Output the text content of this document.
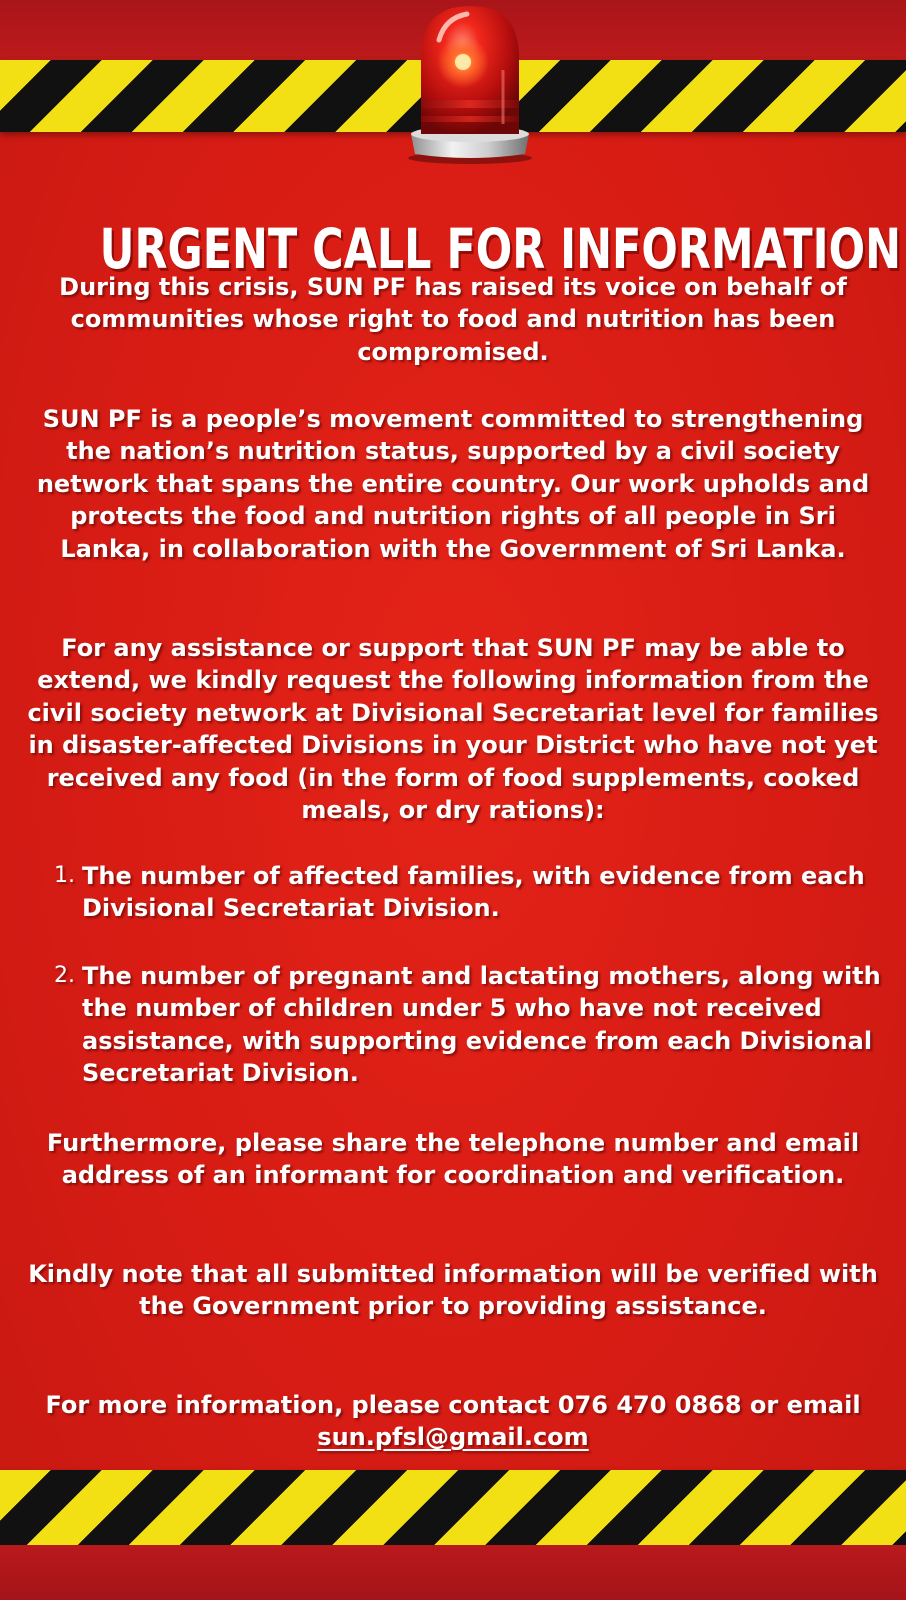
URGENT CALL FOR INFORMATION

During this crisis, SUN PF has raised its voice on behalf of communities whose right to food and nutrition has been compromised.

SUN PF is a people’s movement committed to strengthening the nation’s nutrition status, supported by a civil society network that spans the entire country. Our work upholds and protects the food and nutrition rights of all people in Sri Lanka, in collaboration with the Government of Sri Lanka.

For any assistance or support that SUN PF may be able to extend, we kindly request the following information from the civil society network at Divisional Secretariat level for families in disaster-affected Divisions in your District who have not yet received any food (in the form of food supplements, cooked meals, or dry rations):

1. The number of affected families, with evidence from each Divisional Secretariat Division.
2. The number of pregnant and lactating mothers, along with the number of children under 5 who have not received assistance, with supporting evidence from each Divisional Secretariat Division.

Furthermore, please share the telephone number and email address of an informant for coordination and verification.

Kindly note that all submitted information will be verified with the Government prior to providing assistance.

For more information, please contact 076 470 0868 or email sun.pfsl@gmail.com
